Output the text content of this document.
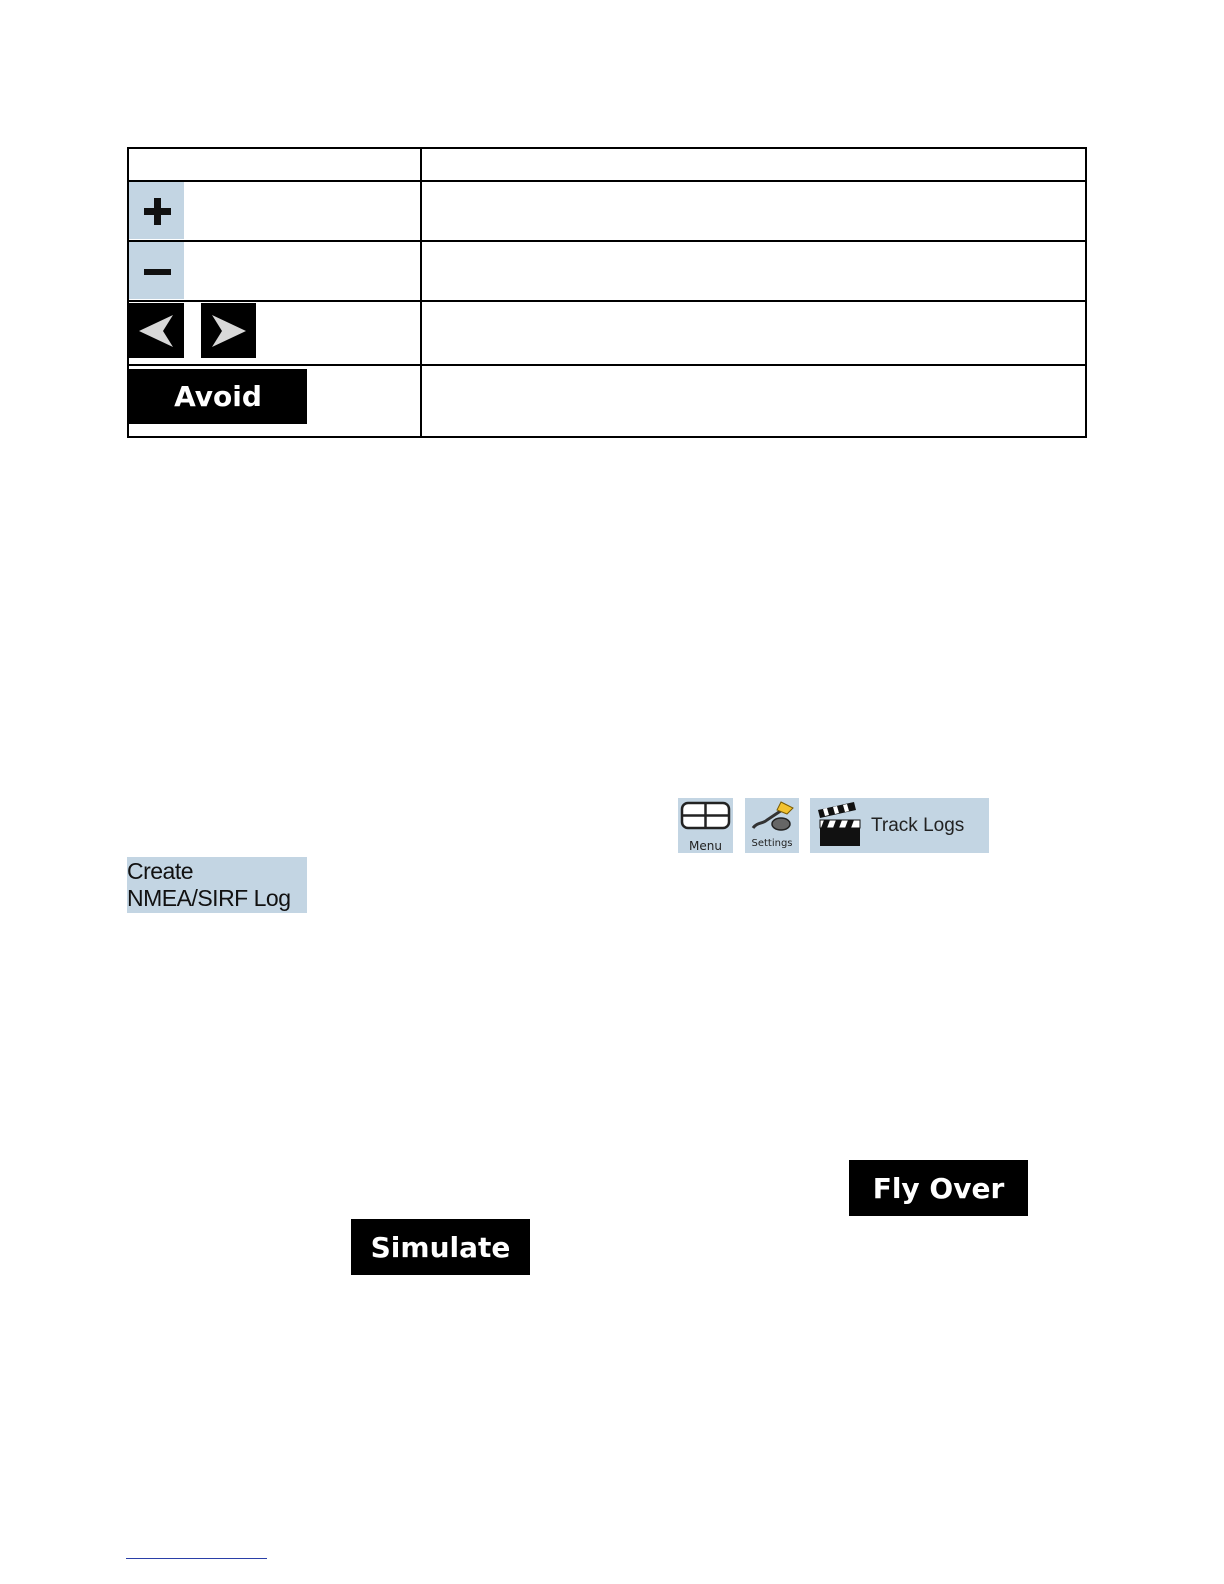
Avoid
Menu	Settings
Track Logs
Create NMEA/SIRF Log
Fly Over
Simulate
